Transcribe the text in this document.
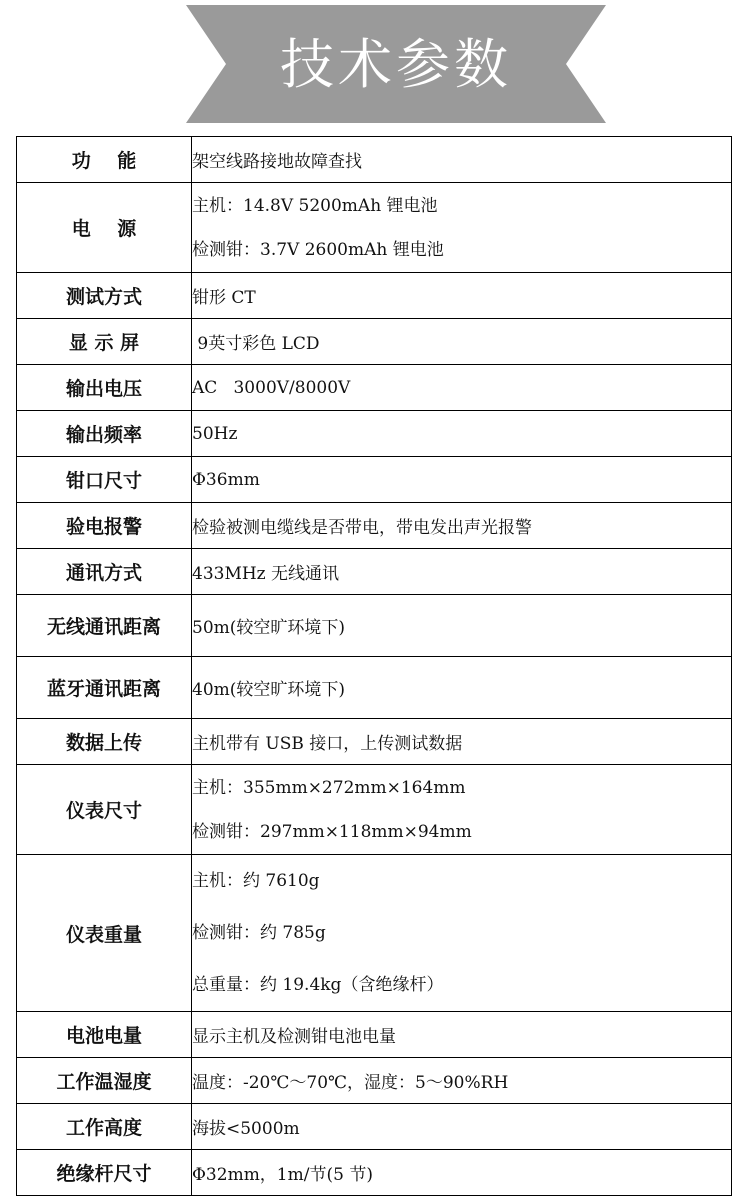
技术参数
功    能	架空线路接地故障查找

电    源	主机：14.8V 5200mAh 锂电池
检测钳：3.7V 2600mAh 锂电池

测试方式	钳形 CT

显 示 屏	9英寸彩色 LCD

输出电压	AC   3000V/8000V

输出频率	50Hz

钳口尺寸	Φ36mm

验电报警	检验被测电缆线是否带电，带电发出声光报警

通讯方式	433MHz 无线通讯

无线通讯距离	50m(较空旷环境下)

蓝牙通讯距离	40m(较空旷环境下)

数据上传	主机带有 USB 接口，上传测试数据

仪表尺寸	主机：355mm×272mm×164mm
检测钳：297mm×118mm×94mm

仪表重量	主机：约 7610g
检测钳：约 785g
总重量：约 19.4kg（含绝缘杆）

电池电量	显示主机及检测钳电池电量

工作温湿度	温度：-20℃～70℃，湿度：5～90%RH

工作高度	海拔<5000m

绝缘杆尺寸	Φ32mm，1m/节(5 节)
